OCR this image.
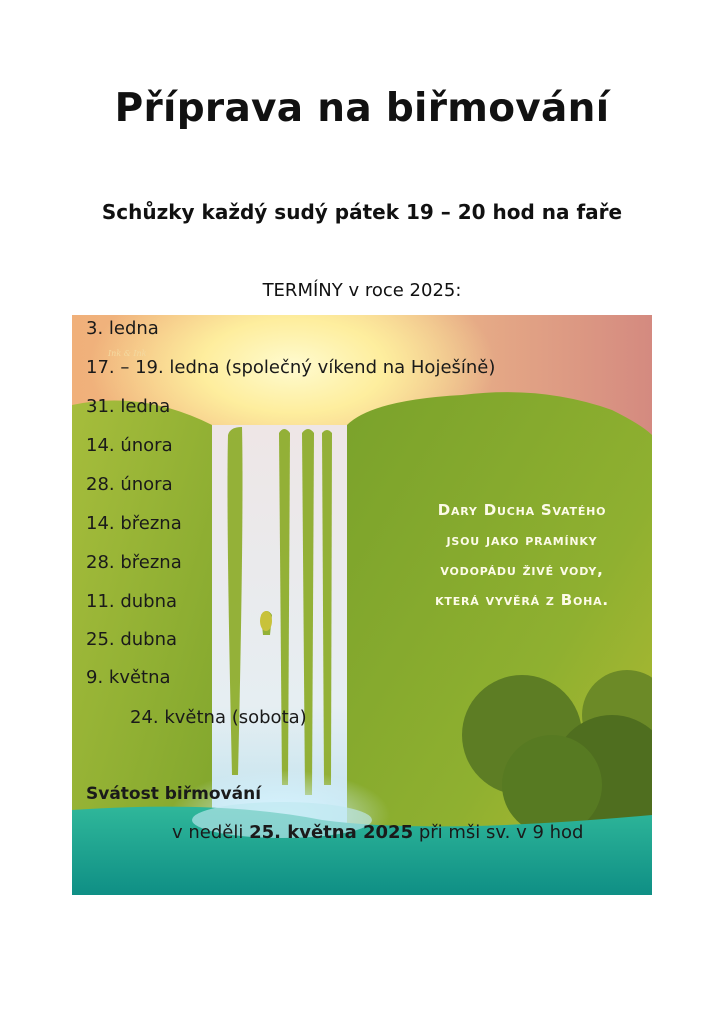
Příprava na biřmování
Schůzky každý sudý pátek 19 – 20 hod na faře
TERMÍNY v roce 2025:
Ink & Ink
Dary Ducha Svatého
jsou jako pramínky
vodopádu živé vody,
která vyvěrá z Boha.
3. ledna
17. – 19. ledna (společný víkend na Hoješíně)
31. ledna
14. února
28. února
14. března
28. března
11. dubna
25. dubna
9. května
24. května (sobota)
Svátost biřmování
v neděli 25. května 2025 při mši sv. v 9 hod
